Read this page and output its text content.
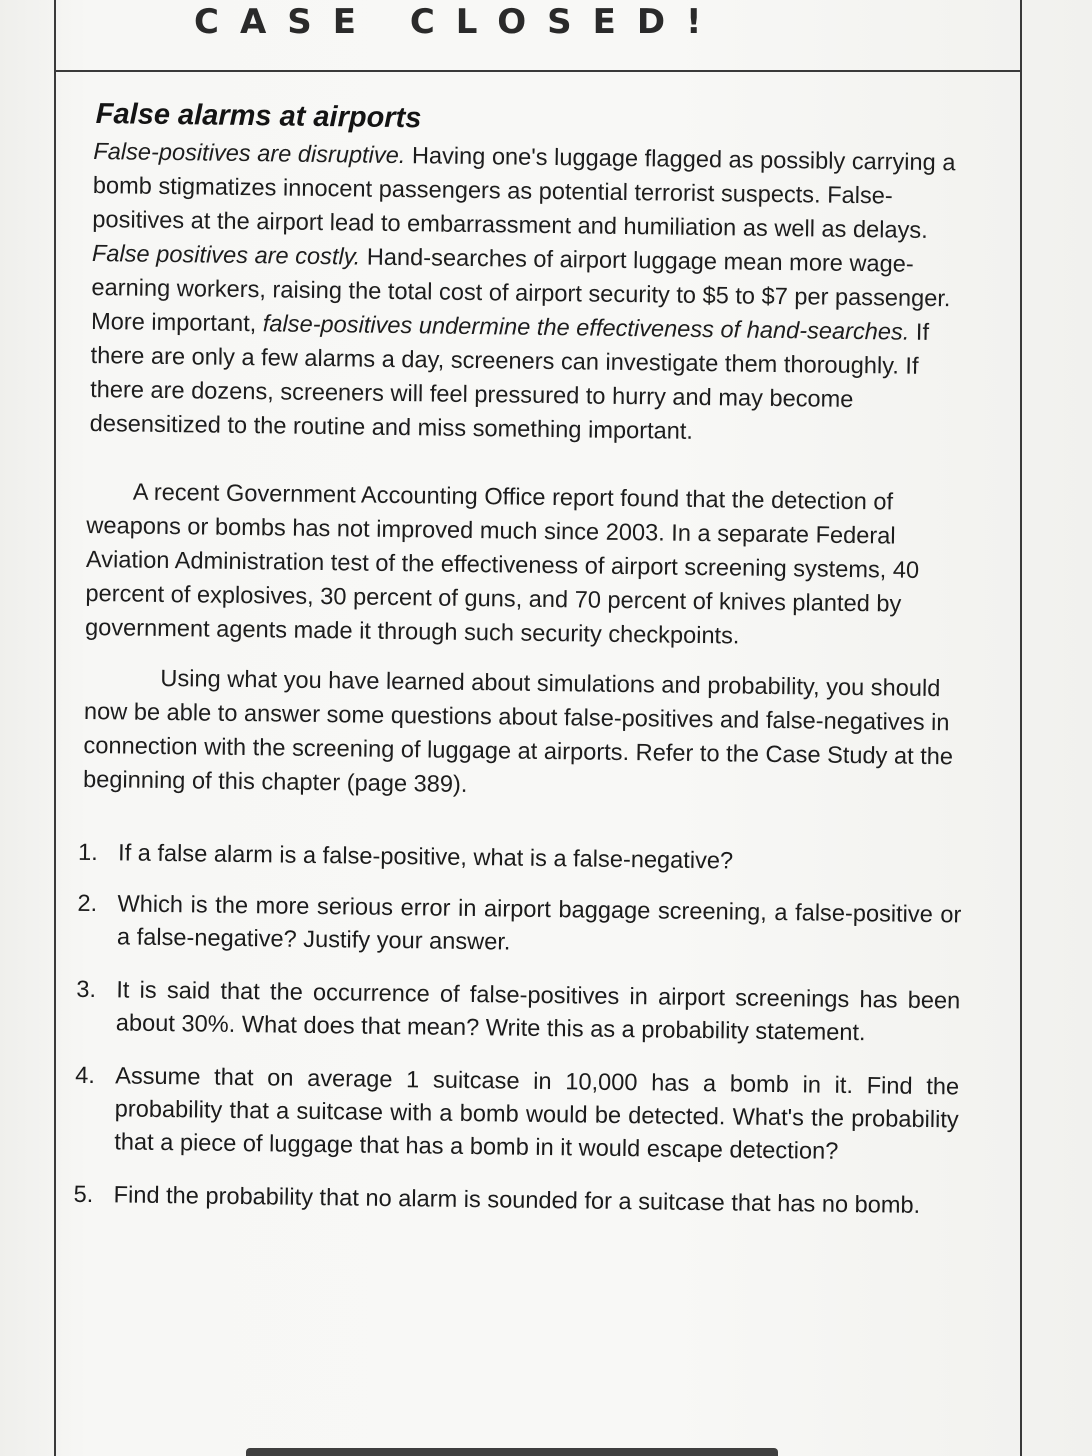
CASE CLOSED!
False alarms at airports

False-positives are disruptive. Having one's luggage flagged as possibly carrying a bomb stigmatizes innocent passengers as potential terrorist suspects. False-positives at the airport lead to embarrassment and humiliation as well as delays. False positives are costly. Hand-searches of airport luggage mean more wage-earning workers, raising the total cost of airport security to $5 to $7 per passenger. More important, false-positives undermine the effectiveness of hand-searches. If there are only a few alarms a day, screeners can investigate them thoroughly. If there are dozens, screeners will feel pressured to hurry and may become desensitized to the routine and miss something important.

A recent Government Accounting Office report found that the detection of weapons or bombs has not improved much since 2003. In a separate Federal Aviation Administration test of the effectiveness of airport screening systems, 40 percent of explosives, 30 percent of guns, and 70 percent of knives planted by government agents made it through such security checkpoints.

Using what you have learned about simulations and probability, you should now be able to answer some questions about false-positives and false-negatives in connection with the screening of luggage at airports. Refer to the Case Study at the beginning of this chapter (page 389).

1. If a false alarm is a false-positive, what is a false-negative?
2. Which is the more serious error in airport baggage screening, a false-positive or a false-negative? Justify your answer.
3. It is said that the occurrence of false-positives in airport screenings has been about 30%. What does that mean? Write this as a probability statement.
4. Assume that on average 1 suitcase in 10,000 has a bomb in it. Find the probability that a suitcase with a bomb would be detected. What's the probability that a piece of luggage that has a bomb in it would escape detection?
5. Find the probability that no alarm is sounded for a suitcase that has no bomb.
